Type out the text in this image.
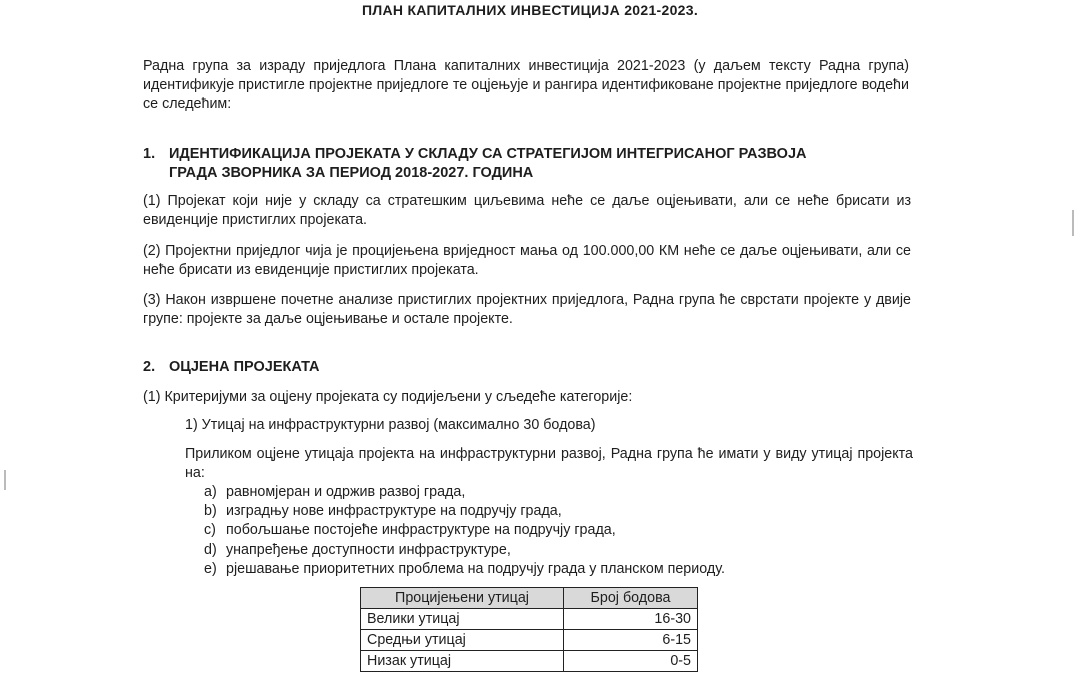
ПЛАН КАПИТАЛНИХ ИНВЕСТИЦИЈА 2021-2023.
Радна група за израду приједлога Плана капиталних инвестиција 2021-2023 (у даљем тексту Радна група) идентификује пристигле пројектне приједлоге те оцјењује и рангира идентификоване пројектне приједлоге водећи се следећим:
1. ИДЕНТИФИКАЦИЈА ПРОЈЕКАТА У СКЛАДУ СА СТРАТЕГИЈОМ ИНТЕГРИСАНОГ РАЗВОЈА
ГРАДА ЗВОРНИКА ЗА ПЕРИОД 2018-2027. ГОДИНА
(1) Пројекат који није у складу са стратешким циљевима неће се даље оцјењивати, али се неће брисати из евиденције пристиглих пројеката.
(2) Пројектни приједлог чија је процијењена вриједност мања од 100.000,00 КМ неће се даље оцјењивати, али се неће брисати из евиденције пристиглих пројеката.
(3) Након извршене почетне анализе пристиглих пројектних приједлога, Радна група ће сврстати пројекте у двије групе: пројекте за даље оцјењивање и остале пројекте.
2. ОЦЈЕНА ПРОЈЕКАТА
(1) Критеријуми за оцјену пројеката су подијељени у сљедеће категорије:
1) Утицај на инфраструктурни развој (максимално 30 бодова)
Приликом оцјене утицаја пројекта на инфраструктурни развој, Радна група ће имати у виду утицај пројекта на:
a) равномјеран и одржив развој града,
b) изградњу нове инфраструктуре на подручју града,
c) побољшање постојеће инфраструктуре на подручју града,
d) унапређење доступности инфраструктуре,
e) рјешавање приоритетних проблема на подручју града у планском периоду.
Процијењени утицај	Број бодова
Велики утицај	16-30
Средњи утицај	6-15
Низак утицај	0-5
